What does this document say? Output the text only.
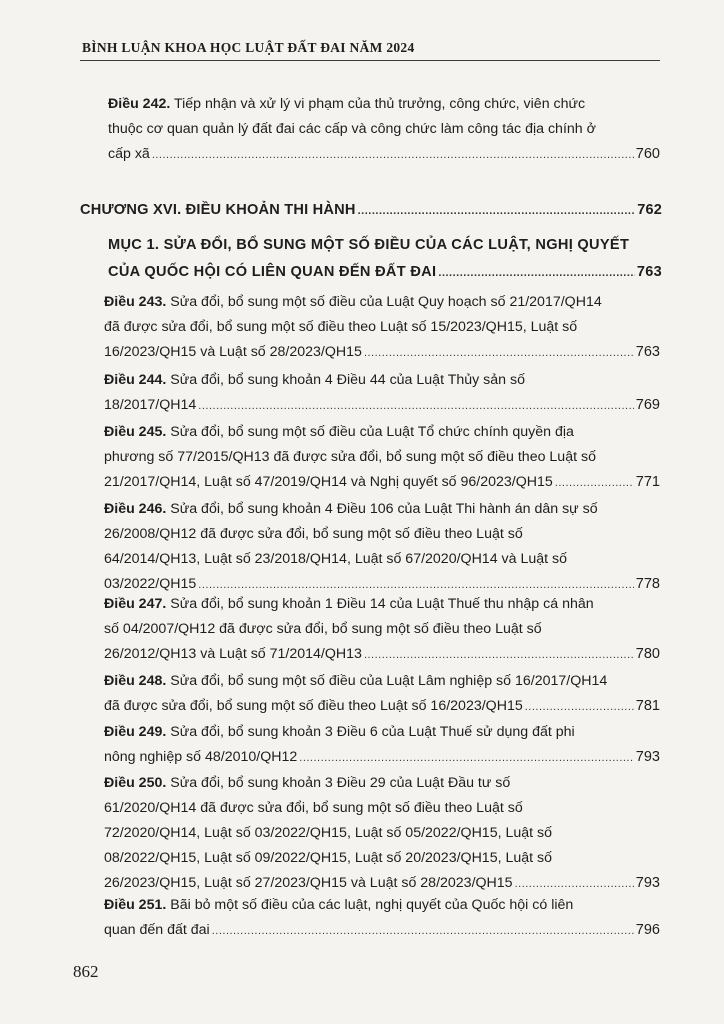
BÌNH LUẬN KHOA HỌC LUẬT ĐẤT ĐAI NĂM 2024
Điều 242. Tiếp nhận và xử lý vi phạm của thủ trưởng, công chức, viên chức
thuộc cơ quan quản lý đất đai các cấp và công chức làm công tác địa chính ở
cấp xã .....	760
CHƯƠNG XVI. ĐIỀU KHOẢN THI HÀNH .....	762
MỤC 1. SỬA ĐỔI, BỔ SUNG MỘT SỐ ĐIỀU CỦA CÁC LUẬT, NGHỊ QUYẾT
CỦA QUỐC HỘI CÓ LIÊN QUAN ĐẾN ĐẤT ĐAI .....	763
Điều 243. Sửa đổi, bổ sung một số điều của Luật Quy hoạch số 21/2017/QH14
đã được sửa đổi, bổ sung một số điều theo Luật số 15/2023/QH15, Luật số
16/2023/QH15 và Luật số 28/2023/QH15 .....	763
Điều 244. Sửa đổi, bổ sung khoản 4 Điều 44 của Luật Thủy sản số
18/2017/QH14 .....	769
Điều 245. Sửa đổi, bổ sung một số điều của Luật Tổ chức chính quyền địa
phương số 77/2015/QH13 đã được sửa đổi, bổ sung một số điều theo Luật số
21/2017/QH14, Luật số 47/2019/QH14 và Nghị quyết số 96/2023/QH15 .....	771
Điều 246. Sửa đổi, bổ sung khoản 4 Điều 106 của Luật Thi hành án dân sự số
26/2008/QH12 đã được sửa đổi, bổ sung một số điều theo Luật số
64/2014/QH13, Luật số 23/2018/QH14, Luật số 67/2020/QH14 và Luật số
03/2022/QH15 .....	778
Điều 247. Sửa đổi, bổ sung khoản 1 Điều 14 của Luật Thuế thu nhập cá nhân
số 04/2007/QH12 đã được sửa đổi, bổ sung một số điều theo Luật số
26/2012/QH13 và Luật số 71/2014/QH13 .....	780
Điều 248. Sửa đổi, bổ sung một số điều của Luật Lâm nghiệp số 16/2017/QH14
đã được sửa đổi, bổ sung một số điều theo Luật số 16/2023/QH15 .....	781
Điều 249. Sửa đổi, bổ sung khoản 3 Điều 6 của Luật Thuế sử dụng đất phi
nông nghiệp số 48/2010/QH12 .....	793
Điều 250. Sửa đổi, bổ sung khoản 3 Điều 29 của Luật Đầu tư số
61/2020/QH14 đã được sửa đổi, bổ sung một số điều theo Luật số
72/2020/QH14, Luật số 03/2022/QH15, Luật số 05/2022/QH15, Luật số
08/2022/QH15, Luật số 09/2022/QH15, Luật số 20/2023/QH15, Luật số
26/2023/QH15, Luật số 27/2023/QH15 và Luật số 28/2023/QH15 .....	793
Điều 251. Bãi bỏ một số điều của các luật, nghị quyết của Quốc hội có liên
quan đến đất đai .....	796
862
